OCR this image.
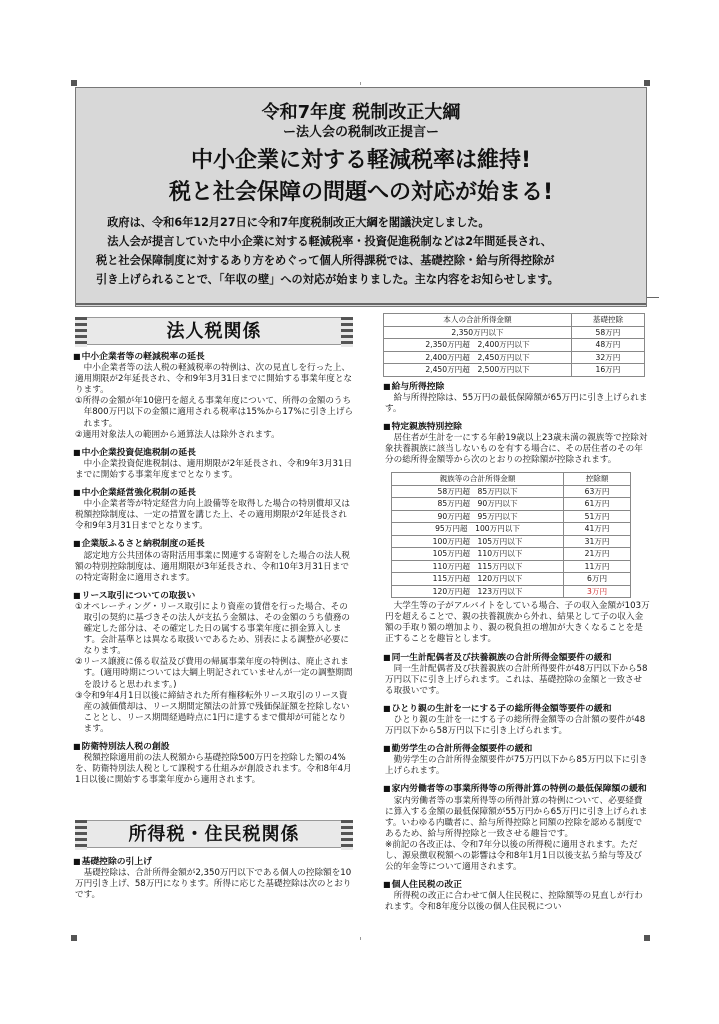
令和7年度 税制改正大綱
ー法人会の税制改正提言ー
中小企業に対する軽減税率は維持!
税と社会保障の問題への対応が始まる!

　政府は、令和6年12月27日に令和7年度税制改正大綱を閣議決定しました。

　法人会が提言していた中小企業に対する軽減税率・投資促進税制などは2年間延長され、

税と社会保障制度に対するあり方をめぐって個人所得課税では、基礎控除・給与所得控除が

引き上げられることで、「年収の壁」への対応が始まりました。主な内容をお知らせします。

法人税関係
■ 中小企業者等の軽減税率の延長

中小企業者等の法人税の軽減税率の特例は、次の見直しを行った上、適用期限が2年延長され、令和9年3月31日までに開始する事業年度となります。

①所得の金額が年10億円を超える事業年度について、所得の金額のうち年800万円以下の金額に適用される税率は15%から17%に引き上げられます。

②適用対象法人の範囲から通算法人は除外されます。

■ 中小企業投資促進税制の延長

中小企業投資促進税制は、適用期限が2年延長され、令和9年3月31日までに開始する事業年度までとなります。

■ 中小企業経営強化税制の延長

中小企業者等が特定経営力向上設備等を取得した場合の特別償却又は税額控除制度は、一定の措置を講じた上、その適用期限が2年延長され令和9年3月31日までとなります。

■ 企業版ふるさと納税制度の延長

認定地方公共団体の寄附活用事業に関連する寄附をした場合の法人税額の特別控除制度は、適用期限が3年延長され、令和10年3月31日までの特定寄附金に適用されます。

■ リース取引についての取扱い

①オペレーティング・リース取引により資産の賃借を行った場合、その取引の契約に基づきその法人が支払う金額は、その金額のうち債務の確定した部分は、その確定した日の属する事業年度に損金算入します。会計基準とは異なる取扱いであるため、別表による調整が必要になります。

②リース譲渡に係る収益及び費用の帰属事業年度の特例は、廃止されます。(適用時期については大綱上明記されていませんが一定の調整期間を設けると思われます。)

③令和9年4月1日以後に締結された所有権移転外リース取引のリース資産の減価償却は、リース期間定額法の計算で残価保証額を控除しないこととし、リース期間経過時点に1円に達するまで償却が可能となります。

■ 防衛特別法人税の創設

税額控除適用前の法人税額から基礎控除500万円を控除した額の4%を、防衛特別法人税として課税する仕組みが創設されます。令和8年4月1日以後に開始する事業年度から適用されます。

所得税・住民税関係
■ 基礎控除の引上げ

基礎控除は、合計所得金額が2,350万円以下である個人の控除額を10万円引き上げ、58万円になります。所得に応じた基礎控除は次のとおりです。

本人の合計所得金額	基礎控除
2,350万円以下	58万円
2,350万円超　2,400万円以下	48万円
2,400万円超　2,450万円以下	32万円
2,450万円超　2,500万円以下	16万円
■ 給与所得控除

給与所得控除は、55万円の最低保障額が65万円に引き上げられます。

■ 特定親族特別控除

居住者が生計を一にする年齢19歳以上23歳未満の親族等で控除対象扶養親族に該当しないものを有する場合に、その居住者のその年分の総所得金額等から次のとおりの控除額が控除されます。

親族等の合計所得金額	控除額
58万円超　85万円以下	63万円
85万円超　90万円以下	61万円
90万円超　95万円以下	51万円
95万円超　100万円以下	41万円
100万円超　105万円以下	31万円
105万円超　110万円以下	21万円
110万円超　115万円以下	11万円
115万円超　120万円以下	6万円
120万円超　123万円以下	3万円

大学生等の子がアルバイトをしている場合、子の収入金額が103万円を超えることで、親の扶養親族から外れ、結果として子の収入金額の手取り額の増加より、親の税負担の増加が大きくなることを是正することを趣旨とします。

■ 同一生計配偶者及び扶養親族の合計所得金額要件の緩和

同一生計配偶者及び扶養親族の合計所得要件が48万円以下から58万円以下に引き上げられます。これは、基礎控除の金額と一致させる取扱いです。

■ ひとり親の生計を一にする子の総所得金額等要件の緩和

ひとり親の生計を一にする子の総所得金額等の合計額の要件が48万円以下から58万円以下に引き上げられます。

■ 勤労学生の合計所得金額要件の緩和

勤労学生の合計所得金額要件が75万円以下から85万円以下に引き上げられます。

■ 家内労働者等の事業所得等の所得計算の特例の最低保障額の緩和

家内労働者等の事業所得等の所得計算の特例について、必要経費に算入する金額の最低保障額が55万円から65万円に引き上げられます。いわゆる内職者に、給与所得控除と同額の控除を認める制度であるため、給与所得控除と一致させる趣旨です。

※前記の各改正は、令和7年分以後の所得税に適用されます。ただし、源泉徴収税額への影響は令和8年1月1日以後支払う給与等及び公的年金等について適用されます。

■ 個人住民税の改正

所得税の改正に合わせて個人住民税に、控除額等の見直しが行われます。令和8年度分以後の個人住民税につい
